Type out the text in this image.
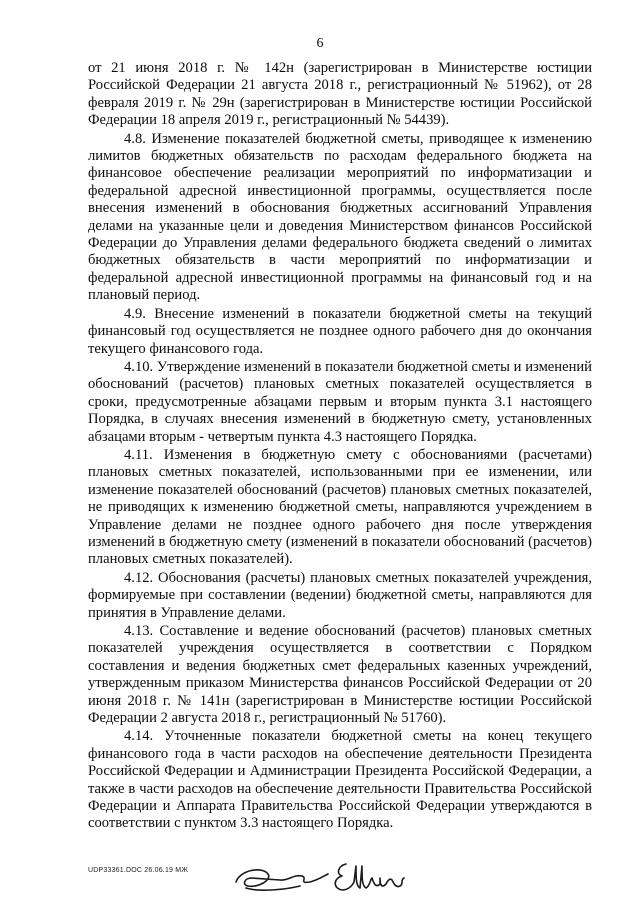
6

от 21 июня 2018 г. № 142н (зарегистрирован в Министерстве юстиции Российской Федерации 21 августа 2018 г., регистрационный № 51962), от 28 февраля 2019 г. № 29н (зарегистрирован в Министерстве юстиции Российской Федерации 18 апреля 2019 г., регистрационный № 54439).

4.8. Изменение показателей бюджетной сметы, приводящее к изменению лимитов бюджетных обязательств по расходам федерального бюджета на финансовое обеспечение реализации мероприятий по информатизации и федеральной адресной инвестиционной программы, осуществляется после внесения изменений в обоснования бюджетных ассигнований Управления делами на указанные цели и доведения Министерством финансов Российской Федерации до Управления делами федерального бюджета сведений о лимитах бюджетных обязательств в части мероприятий по информатизации и федеральной адресной инвестиционной программы на финансовый год и на плановый период.

4.9. Внесение изменений в показатели бюджетной сметы на текущий финансовый год осуществляется не позднее одного рабочего дня до окончания текущего финансового года.

4.10. Утверждение изменений в показатели бюджетной сметы и изменений обоснований (расчетов) плановых сметных показателей осуществляется в сроки, предусмотренные абзацами первым и вторым пункта 3.1 настоящего Порядка, в случаях внесения изменений в бюджетную смету, установленных абзацами вторым - четвертым пункта 4.3 настоящего Порядка.

4.11. Изменения в бюджетную смету с обоснованиями (расчетами) плановых сметных показателей, использованными при ее изменении, или изменение показателей обоснований (расчетов) плановых сметных показателей, не приводящих к изменению бюджетной сметы, направляются учреждением в Управление делами не позднее одного рабочего дня после утверждения изменений в бюджетную смету (изменений в показатели обоснований (расчетов) плановых сметных показателей).

4.12. Обоснования (расчеты) плановых сметных показателей учреждения, формируемые при составлении (ведении) бюджетной сметы, направляются для принятия в Управление делами.

4.13. Составление и ведение обоснований (расчетов) плановых сметных показателей учреждения осуществляется в соответствии с Порядком составления и ведения бюджетных смет федеральных казенных учреждений, утвержденным приказом Министерства финансов Российской Федерации от 20 июня 2018 г. № 141н (зарегистрирован в Министерстве юстиции Российской Федерации 2 августа 2018 г., регистрационный № 51760).

4.14. Уточненные показатели бюджетной сметы на конец текущего финансового года в части расходов на обеспечение деятельности Президента Российской Федерации и Администрации Президента Российской Федерации, а также в части расходов на обеспечение деятельности Правительства Российской Федерации и Аппарата Правительства Российской Федерации утверждаются в соответствии с пунктом 3.3 настоящего Порядка.

UDP33361.DOC 26.06.19 МЖ
